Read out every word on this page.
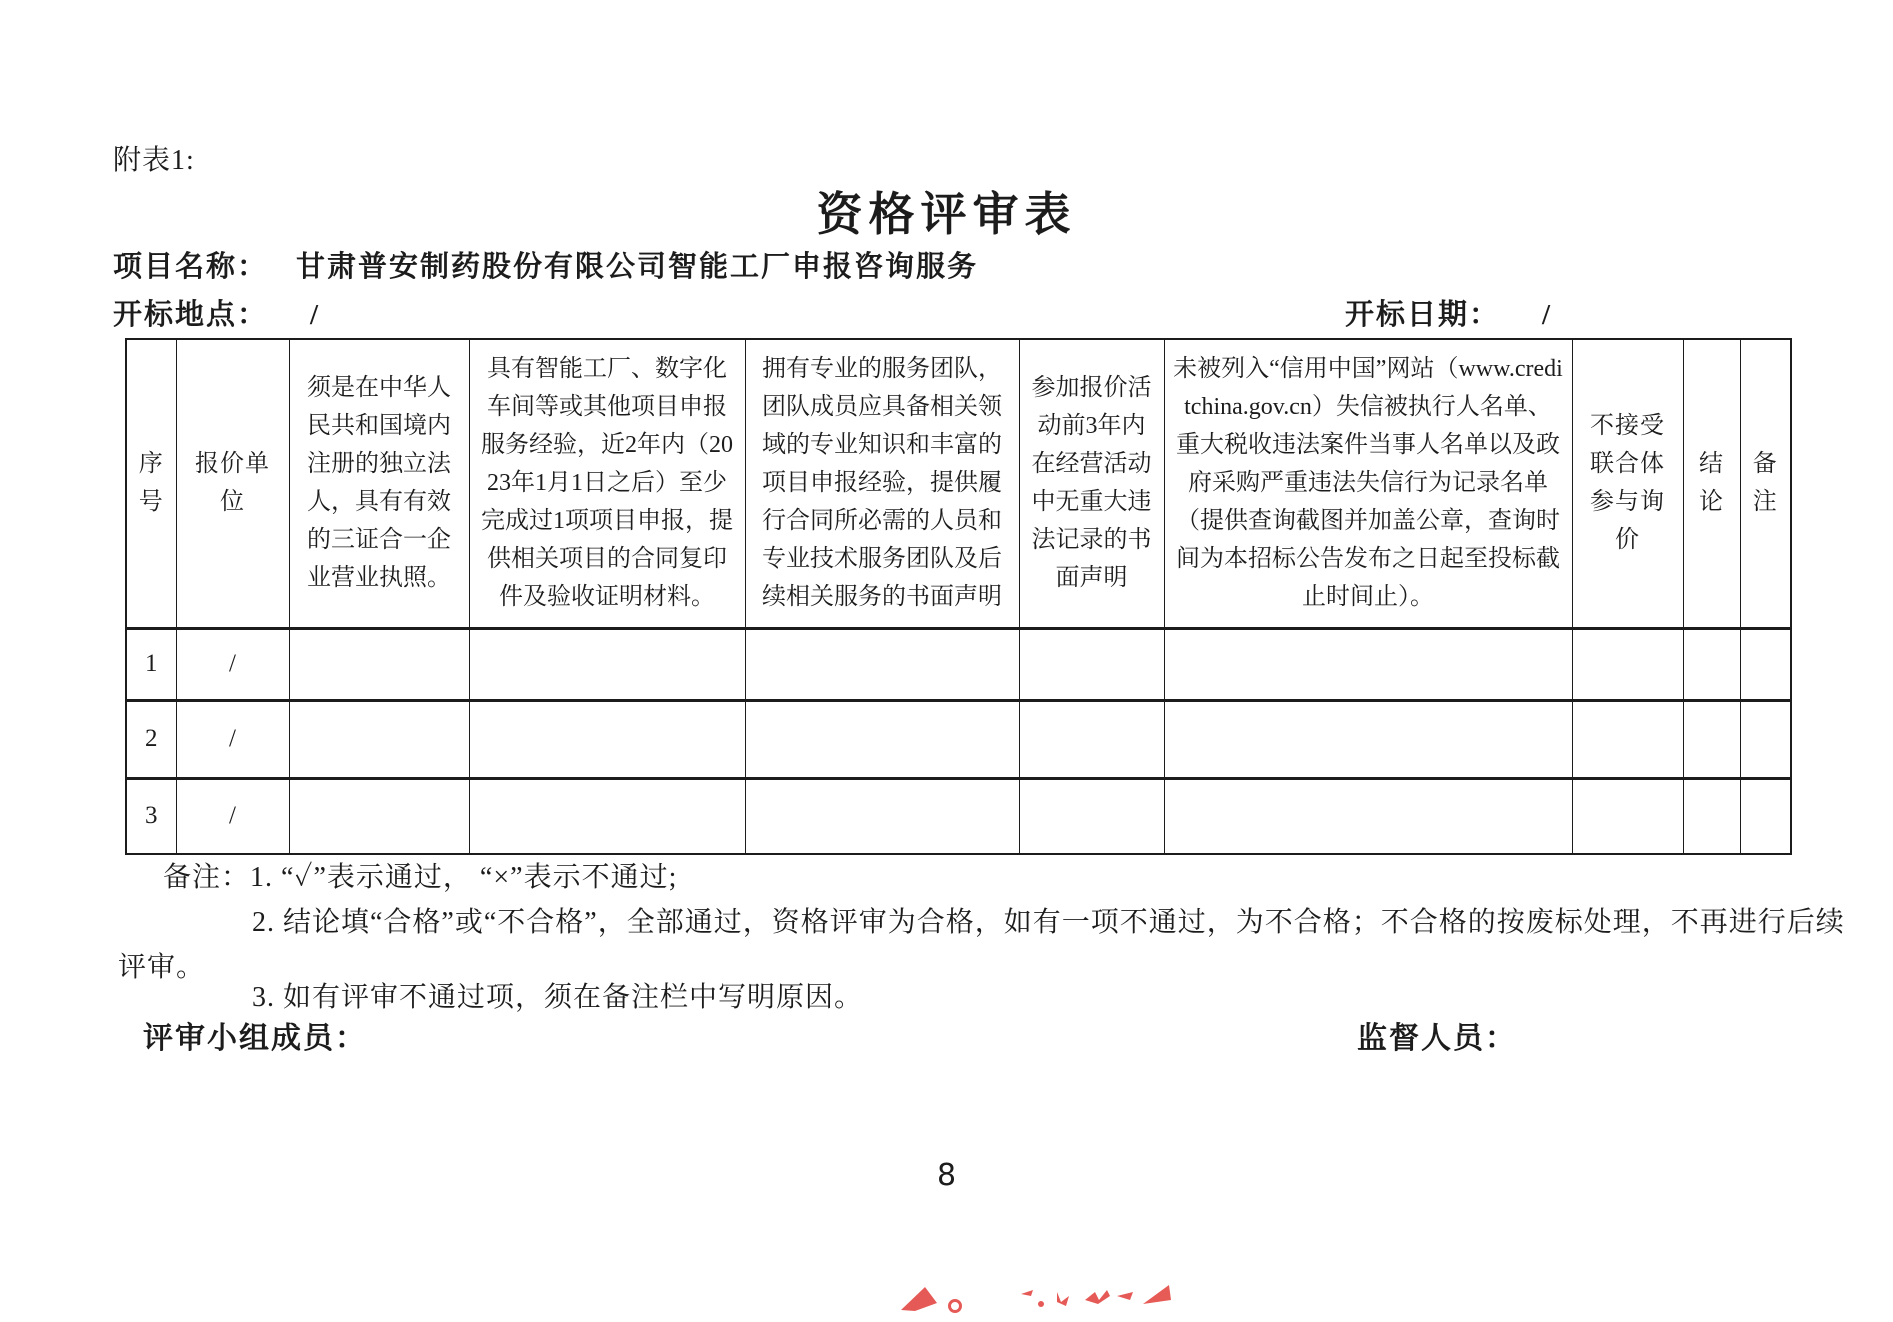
附表1:
资格评审表
项目名称： 甘肃普安制药股份有限公司智能工厂申报咨询服务
开标地点： /	开标日期： /
序号	报价单位	须是在中华人民共和国境内注册的独立法人，具有有效的三证合一企业营业执照。	具有智能工厂、数字化车间等或其他项目申报服务经验，近2年内（2023年1月1日之后）至少完成过1项项目申报，提供相关项目的合同复印件及验收证明材料。	拥有专业的服务团队，团队成员应具备相关领域的专业知识和丰富的项目申报经验，提供履行合同所必需的人员和专业技术服务团队及后续相关服务的书面声明	参加报价活动前3年内在经营活动中无重大违法记录的书面声明	未被列入“信用中国”网站（www.creditchina.gov.cn）失信被执行人名单、重大税收违法案件当事人名单以及政府采购严重违法失信行为记录名单（提供查询截图并加盖公章，查询时间为本招标公告发布之日起至投标截止时间止）。	不接受联合体参与询价	结论	备注
1	/								
2	/								
3	/								
备注：1. “✓”表示通过， “×”表示不通过;
2. 结论填“合格”或“不合格”，全部通过，资格评审为合格，如有一项不通过，为不合格；不合格的按废标处理，不再进行后续
评审。
3. 如有评审不通过项，须在备注栏中写明原因。
评审小组成员：	监督人员：
8
